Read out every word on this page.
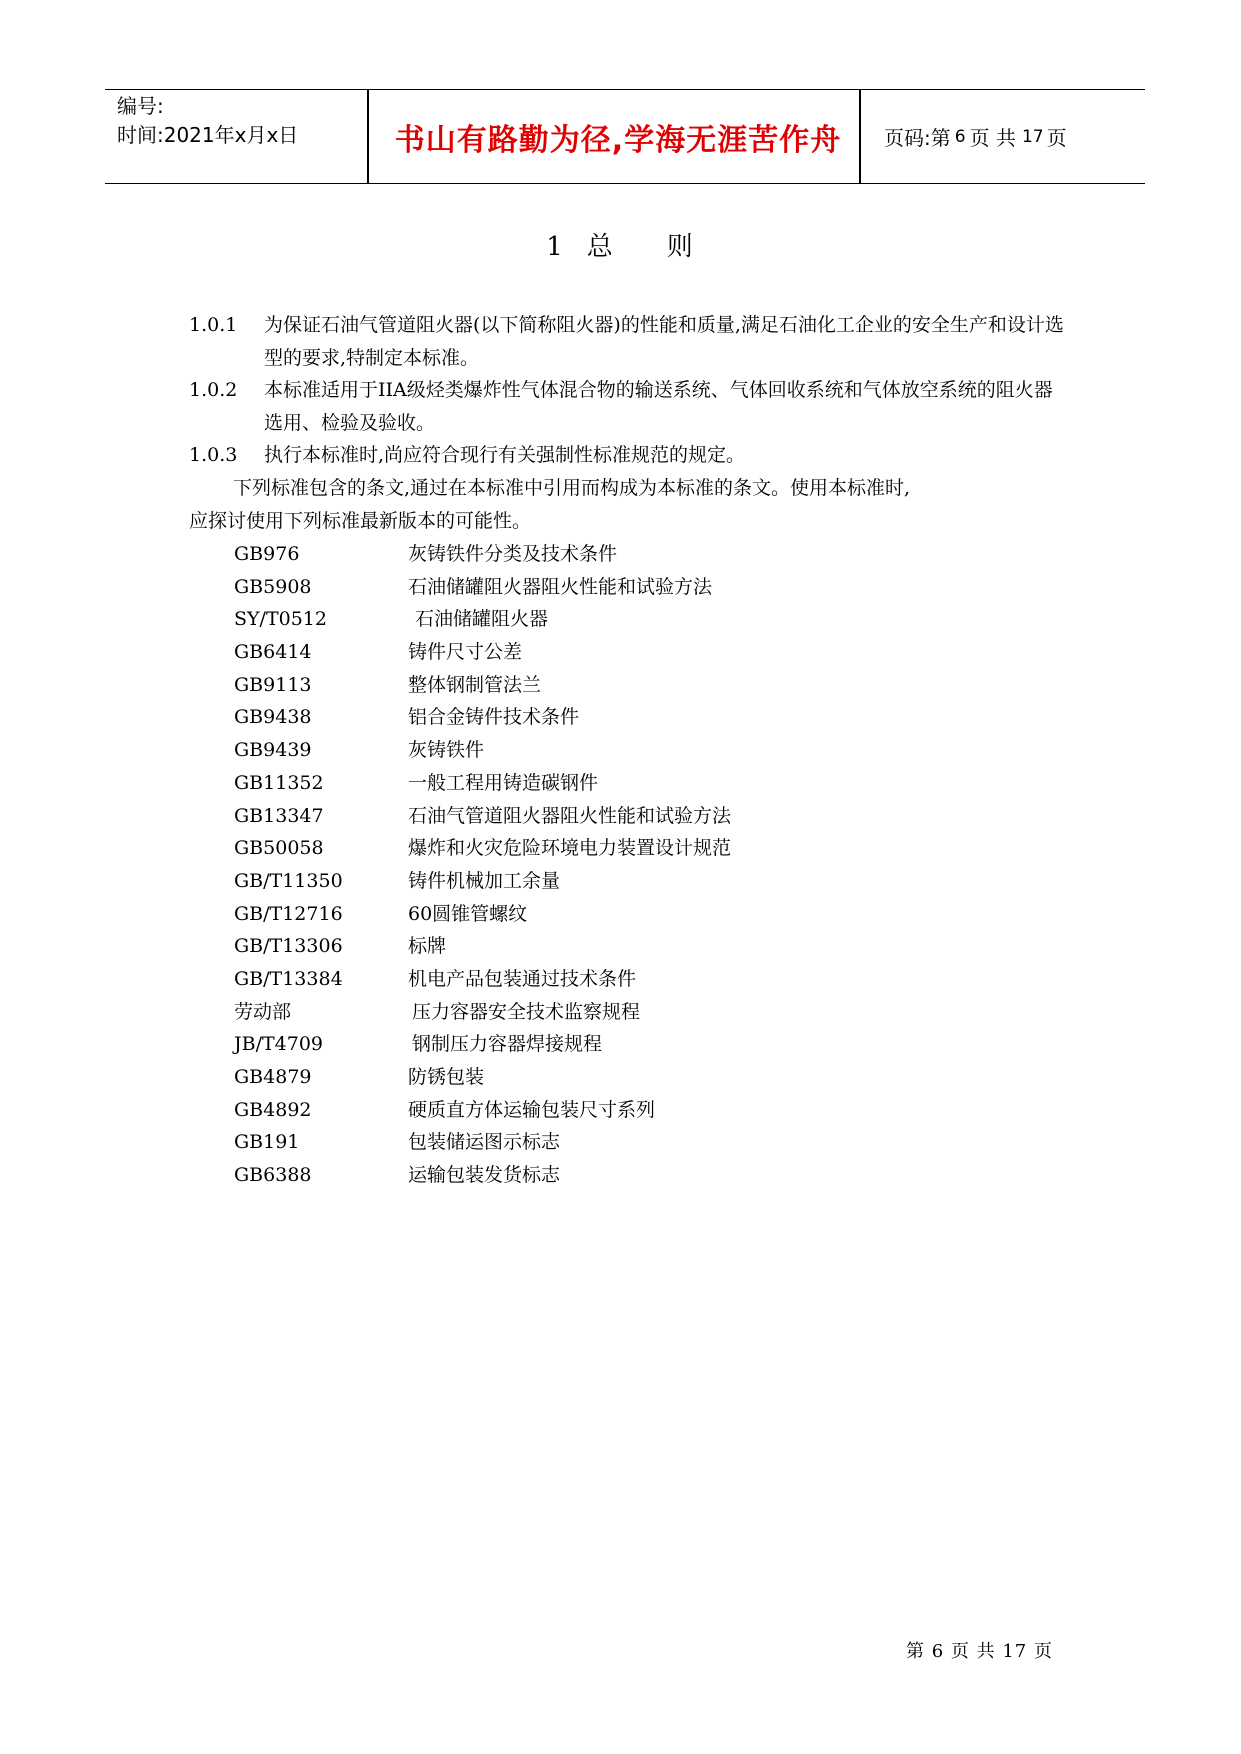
编号:
时间:2021年x月x日	书山有路勤为径,学海无涯苦作舟	页码:第 6 页 共 17 页
1 总 则
1.0.1	为保证石油气管道阻火器(以下简称阻火器)的性能和质量,满足石油化工企业的安全生产和设计选型的要求,特制定本标准。
1.0.2	本标准适用于IIA级烃类爆炸性气体混合物的输送系统、气体回收系统和气体放空系统的阻火器选用、检验及验收。
1.0.3	执行本标准时,尚应符合现行有关强制性标准规范的规定。
下列标准包含的条文,通过在本标准中引用而构成为本标准的条文。使用本标准时,
应探讨使用下列标准最新版本的可能性。
GB976	灰铸铁件分类及技术条件
GB5908	石油储罐阻火器阻火性能和试验方法
SY/T0512	石油储罐阻火器
GB6414	铸件尺寸公差
GB9113	整体钢制管法兰
GB9438	铝合金铸件技术条件
GB9439	灰铸铁件
GB11352	一般工程用铸造碳钢件
GB13347	石油气管道阻火器阻火性能和试验方法
GB50058	爆炸和火灾危险环境电力装置设计规范
GB/T11350	铸件机械加工余量
GB/T12716	60圆锥管螺纹
GB/T13306	标牌
GB/T13384	机电产品包装通过技术条件
劳动部	压力容器安全技术监察规程
JB/T4709	钢制压力容器焊接规程
GB4879	防锈包装
GB4892	硬质直方体运输包装尺寸系列
GB191	包装储运图示标志
GB6388	运输包装发货标志
第 6 页 共 17 页
